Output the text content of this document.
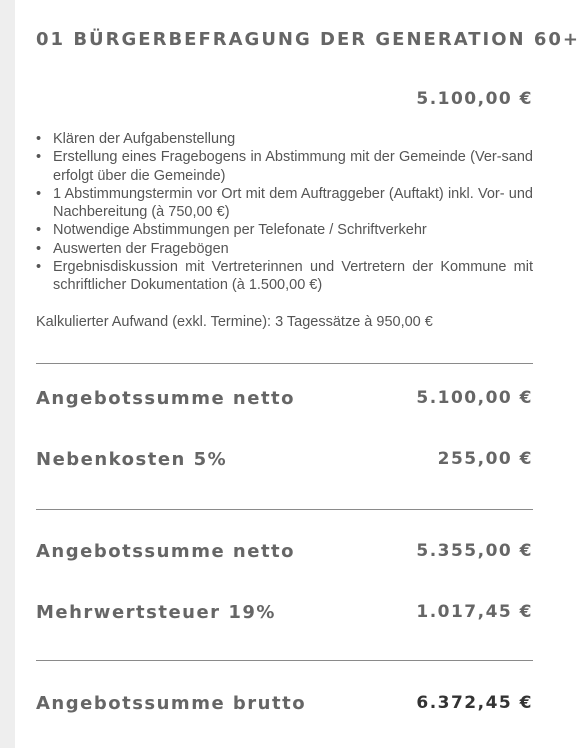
01 BÜRGERBEFRAGUNG DER GENERATION 60+
5.100,00 €
• Klären der Aufgabenstellung
• Erstellung eines Fragebogens in Abstimmung mit der Gemeinde (Ver-sand erfolgt über die Gemeinde)
• 1 Abstimmungstermin vor Ort mit dem Auftraggeber (Auftakt) inkl. Vor- und Nachbereitung (à 750,00 €)
• Notwendige Abstimmungen per Telefonate / Schriftverkehr
• Auswerten der Fragebögen
• Ergebnisdiskussion mit Vertreterinnen und Vertretern der Kommune mit schriftlicher Dokumentation (à 1.500,00 €)
Kalkulierter Aufwand (exkl. Termine): 3 Tagessätze à 950,00 €
Angebotssumme netto	5.100,00 €
Nebenkosten 5%	255,00 €
Angebotssumme netto	5.355,00 €
Mehrwertsteuer 19%	1.017,45 €
Angebotssumme brutto	6.372,45 €
